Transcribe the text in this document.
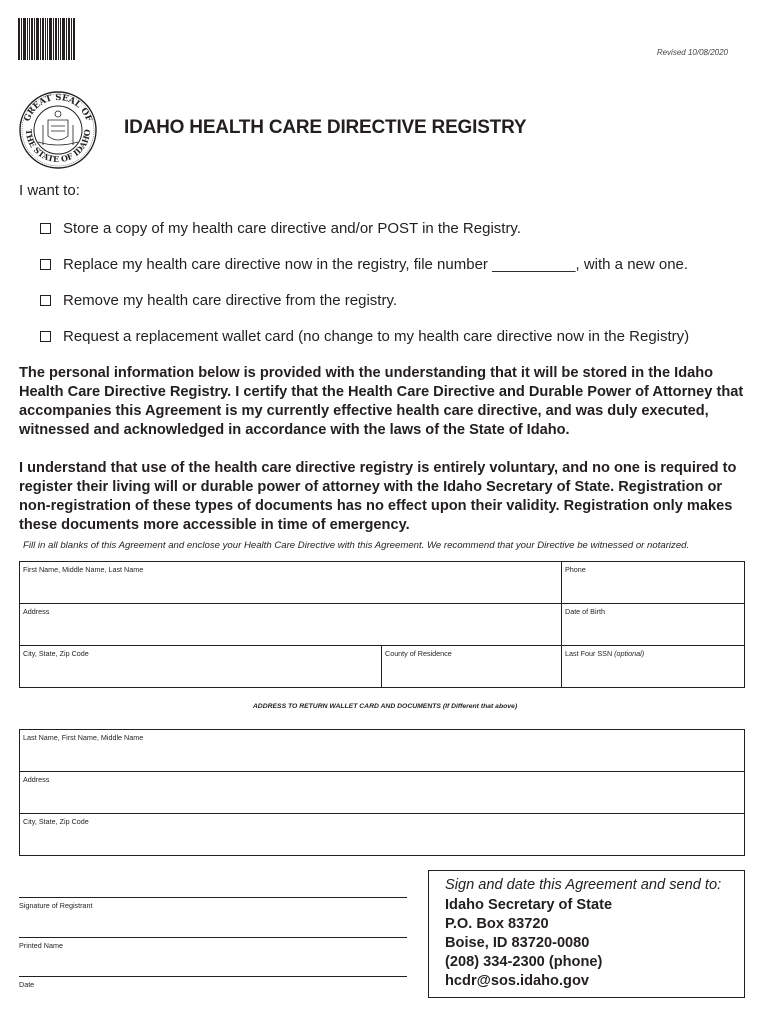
Revised 10/08/2020
GREAT SEAL OF
THE STATE OF IDAHO IDAHO HEALTH CARE DIRECTIVE REGISTRY
I want to:
Store a copy of my health care directive and/or POST in the Registry.
Replace my health care directive now in the registry, file number __________, with a new one.
Remove my health care directive from the registry.
Request a replacement wallet card (no change to my health care directive now in the Registry)
The personal information below is provided with the understanding that it will be stored in the Idaho Health Care Directive Registry. I certify that the Health Care Directive and Durable Power of Attorney that accompanies this Agreement is my currently effective health care directive, and was duly executed, witnessed and acknowledged in accordance with the laws of the State of Idaho.
I understand that use of the health care directive registry is entirely voluntary, and no one is required to register their living will or durable power of attorney with the Idaho Secretary of State. Registration or non-registration of these types of documents has no effect upon their validity. Registration only makes these documents more accessible in time of emergency.
Fill in all blanks of this Agreement and enclose your Health Care Directive with this Agreement. We recommend that your Directive be witnessed or notarized.
First Name, Middle Name, Last Name		Phone
Address		Date of Birth
City, State, Zip Code	County of Residence	Last Four SSN (optional)
ADDRESS TO RETURN WALLET CARD AND DOCUMENTS (If Different that above)
Last Name, First Name, Middle Name
Address
City, State, Zip Code
Signature of Registrant
Printed Name
Date
Sign and date this Agreement and send to:
Idaho Secretary of State
P.O. Box 83720
Boise, ID 83720-0080
(208) 334-2300 (phone)
hcdr@sos.idaho.gov
